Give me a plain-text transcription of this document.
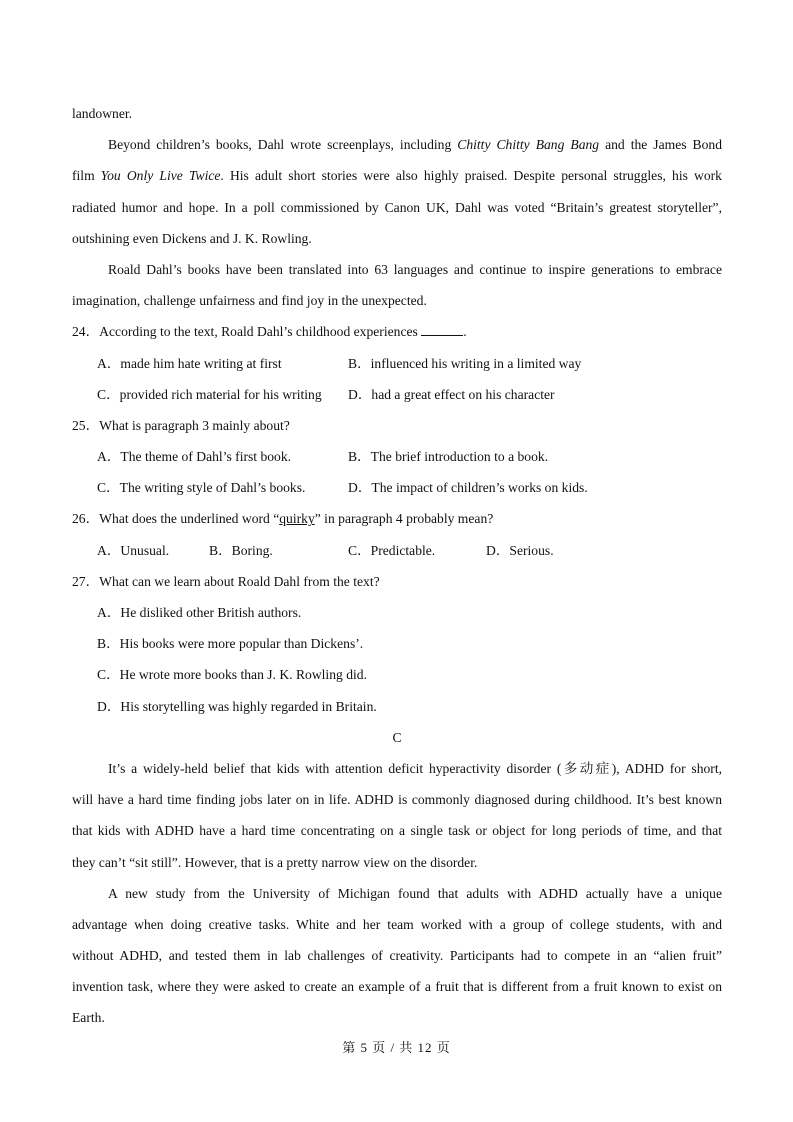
landowner.
Beyond children’s books, Dahl wrote screenplays, including Chitty Chitty Bang Bang and the James Bond
film You Only Live Twice. His adult short stories were also highly praised. Despite personal struggles, his work
radiated humor and hope. In a poll commissioned by Canon UK, Dahl was voted “Britain’s greatest storyteller”,
outshining even Dickens and J. K. Rowling.
Roald Dahl’s books have been translated into 63 languages and continue to inspire generations to embrace
imagination, challenge unfairness and find joy in the unexpected.
24．According to the text, Roald Dahl’s childhood experiences	.
A．made him hate writing at first	B．influenced his writing in a limited way
C．provided rich material for his writing D．had a great effect on his character
25．What is paragraph 3 mainly about?
A．The theme of Dahl’s first book.	B．The brief introduction to a book.
C．The writing style of Dahl’s books.	D．The impact of children’s works on kids.
26．What does the underlined word “quirky” in paragraph 4 probably mean?
A．Unusual.	B．Boring.	C．Predictable.	D．Serious.
27．What can we learn about Roald Dahl from the text?
A．He disliked other British authors.
B．His books were more popular than Dickens’.
C．He wrote more books than J. K. Rowling did.
D．His storytelling was highly regarded in Britain.
C
It’s a widely-held belief that kids with attention deficit hyperactivity disorder (多动症), ADHD for short,
will have a hard time finding jobs later on in life. ADHD is commonly diagnosed during childhood. It’s best known
that kids with ADHD have a hard time concentrating on a single task or object for long periods of time, and that
they can’t “sit still”. However, that is a pretty narrow view on the disorder.
A new study from the University of Michigan found that adults with ADHD actually have a unique
advantage when doing creative tasks. White and her team worked with a group of college students, with and
without ADHD, and tested them in lab challenges of creativity. Participants had to compete in an “alien fruit”
invention task, where they were asked to create an example of a fruit that is different from a fruit known to exist on
Earth.
第 5 页 / 共 12 页
